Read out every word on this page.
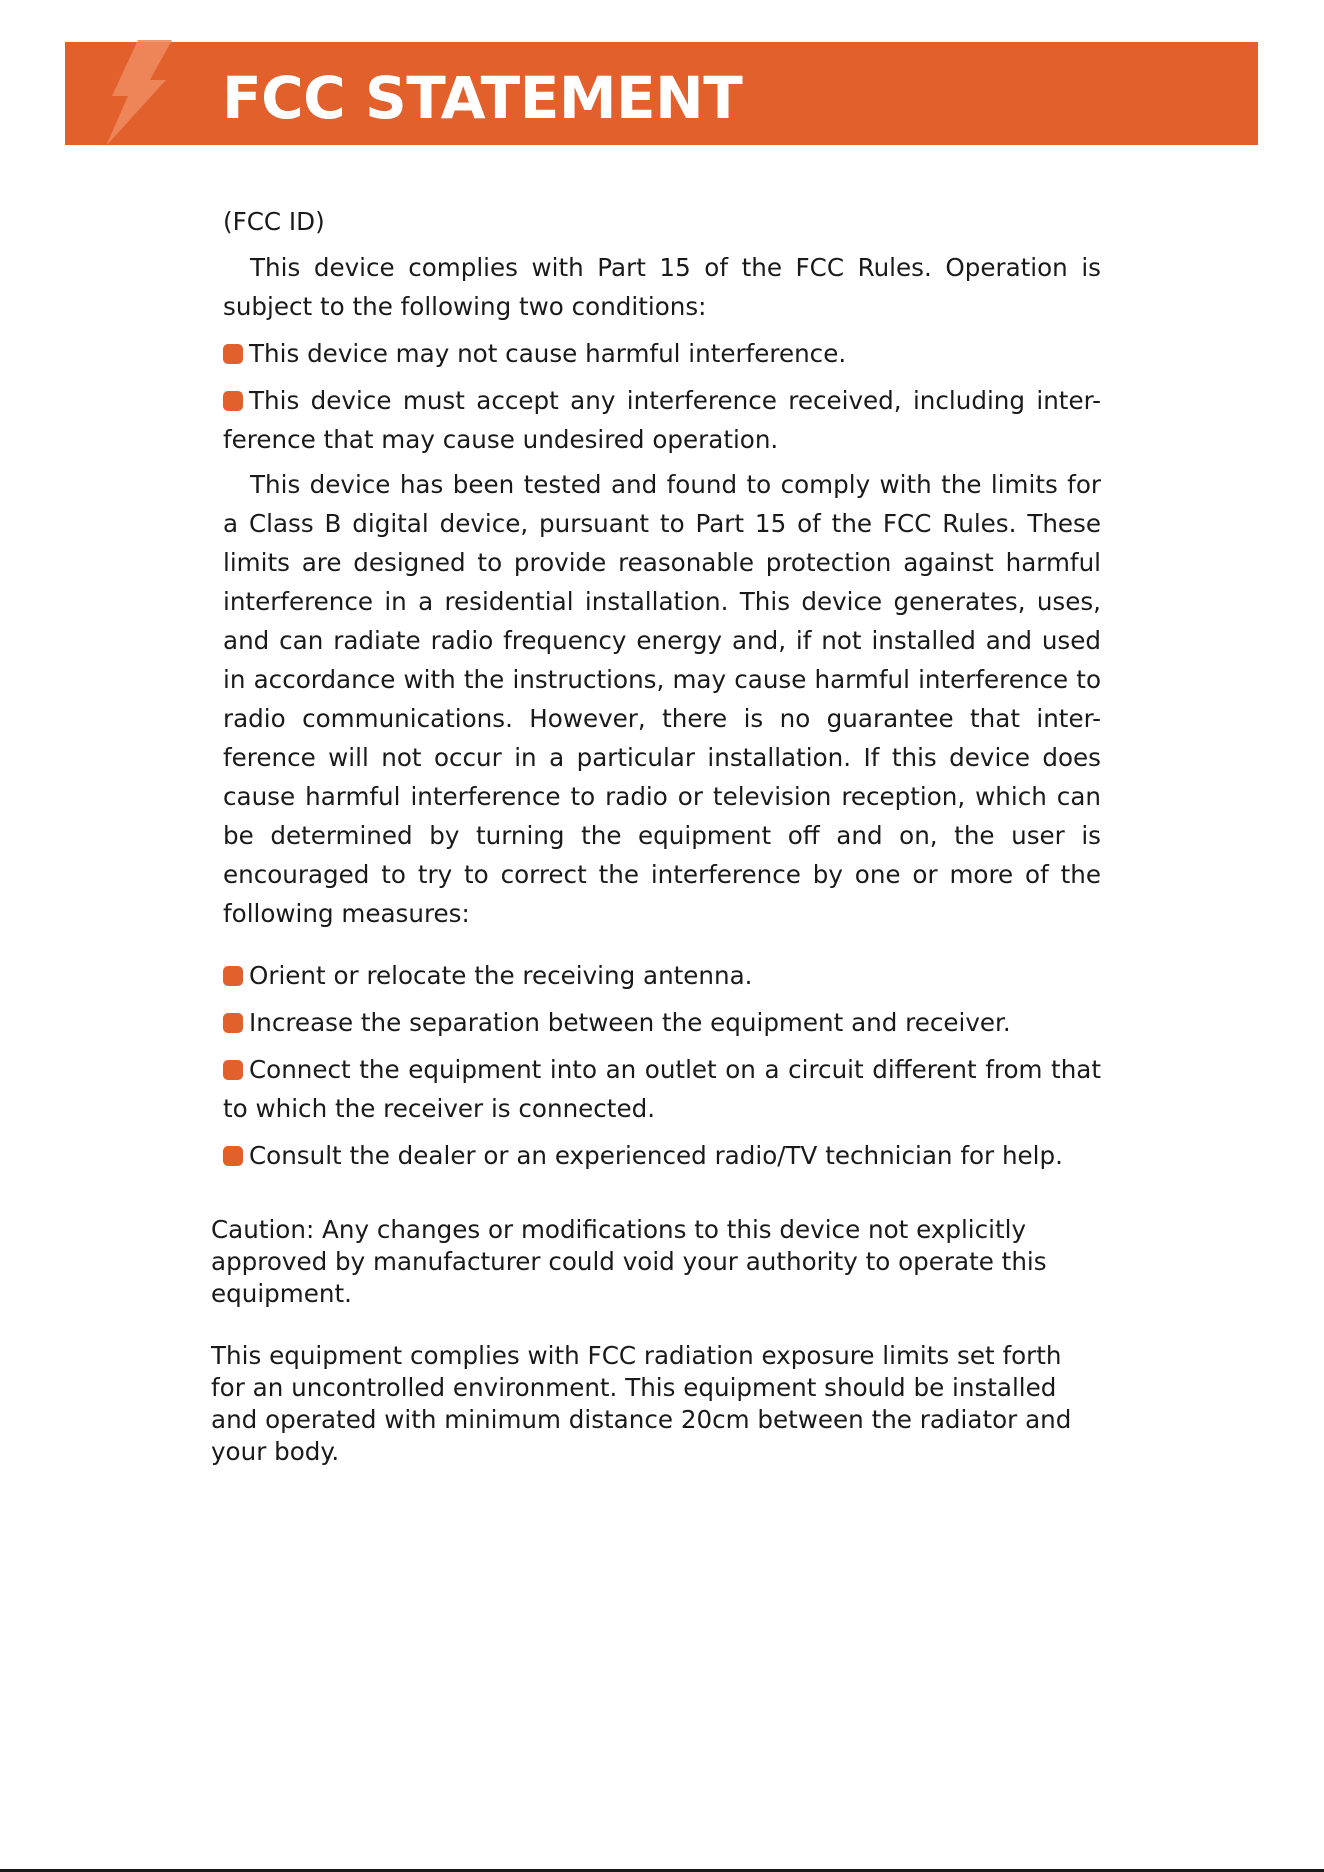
FCC STATEMENT

(FCC ID)

This device complies with Part 15 of the FCC Rules. Operation is subject to the following two conditions:

This device may not cause harmful interference.

This device must accept any interference received, including inter-ference that may cause undesired operation.

This device has been tested and found to comply with the limits for a Class B digital device, pursuant to Part 15 of the FCC Rules. These limits are designed to provide reasonable protection against harmful interference in a residential installation. This device generates, uses, and can radiate radio frequency energy and, if not installed and used in accordance with the instructions, may cause harmful interference to radio communications. However, there is no guarantee that inter-ference will not occur in a particular installation. If this device does cause harmful interference to radio or television reception, which can be determined by turning the equipment off and on, the user is encouraged to try to correct the interference by one or more of the following measures:

Orient or relocate the receiving antenna.

Increase the separation between the equipment and receiver.

Connect the equipment into an outlet on a circuit different from that to which the receiver is connected.

Consult the dealer or an experienced radio/TV technician for help.

Caution: Any changes or modifications to this device not explicitly

approved by manufacturer could void your authority to operate this

equipment.

This equipment complies with FCC radiation exposure limits set forth

for an uncontrolled environment. This equipment should be installed

and operated with minimum distance 20cm between the radiator and

your body.
